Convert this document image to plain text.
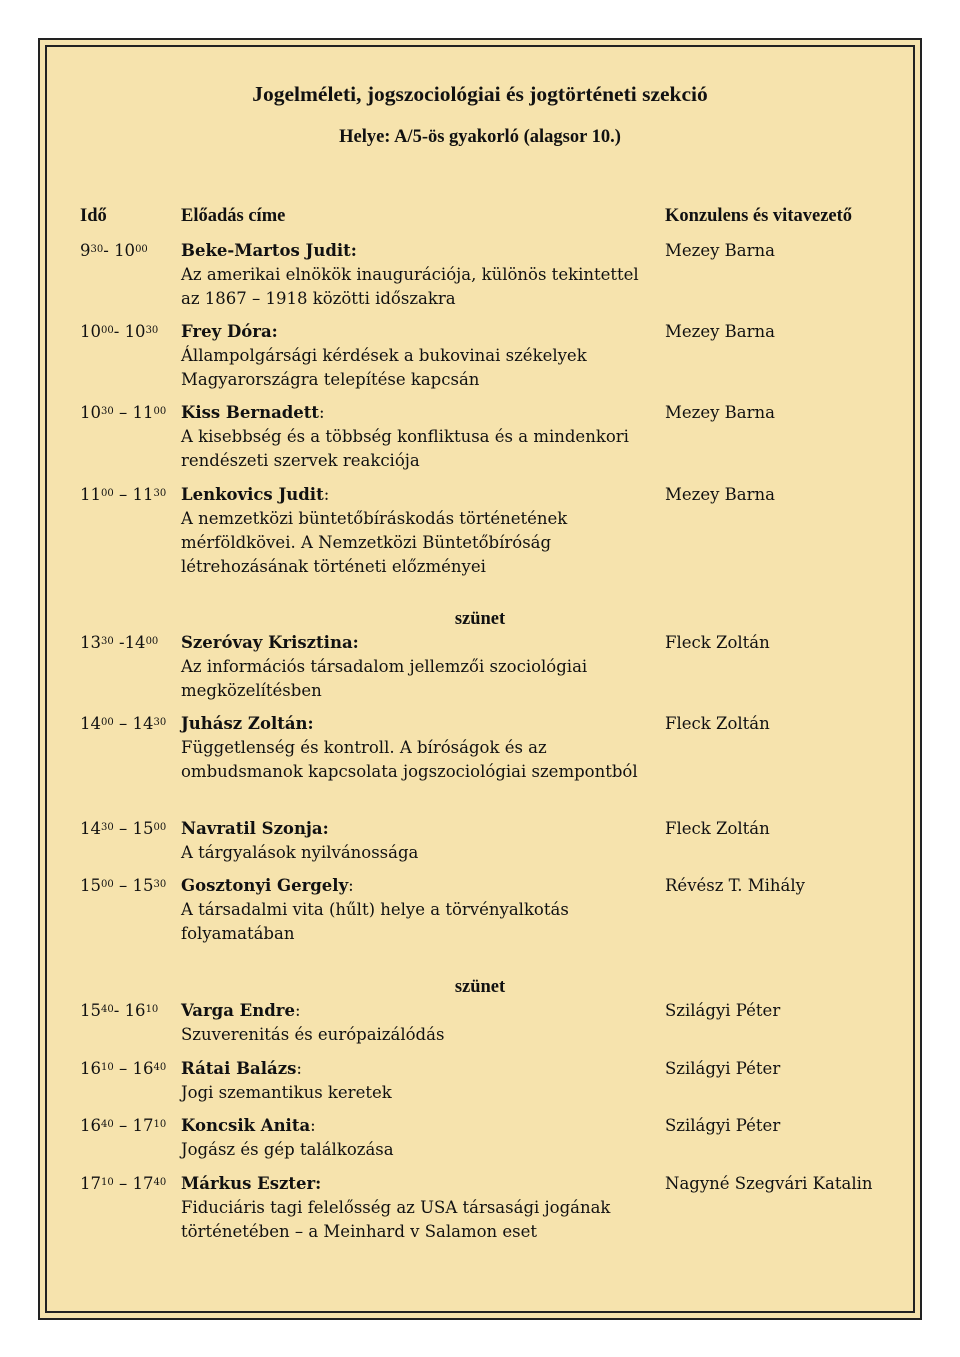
Jogelméleti, jogszociológiai és jogtörténeti szekció
Helye: A/5-ös gyakorló (alagsor 10.)
Idő	Előadás címe	Konzulens és vitavezető
$9^{30}-$ $10^{00}$ Beke-Martos Judit:
Az amerikai elnökök inaugurációja, különös tekintettel az 1867 – 1918 közötti időszakra
Mezey Barna
$10^{00}-$ $10^{30}$ Frey Dóra:
Állampolgársági kérdések a bukovinai székelyek Magyarországra telepítése kapcsán
Mezey Barna
$10^{30} - 11^{00}$ Kiss Bernadett:
A kisebbség és a többség konfliktusa és a mindenkori rendészeti szervek reakciója
Mezey Barna
$11^{00} - 11^{30}$ Lenkovics Judit:
A nemzetközi büntetőbíráskodás történetének mérföldkövei. A Nemzetközi Büntetőbíróság létrehozásának történeti előzményei
Mezey Barna
$13^{30}$ $-14^{00}$ Szeróvay Krisztina:
Az információs társadalom jellemzői szociológiai megközelítésben
Fleck Zoltán
$14^{00} - 14^{30}$ Juhász Zoltán:
Függetlenség és kontroll. A bíróságok és az ombudsmanok kapcsolata jogszociológiai szempontból
Fleck Zoltán
$14^{30} - 15^{00}$ Navratil Szonja:
A tárgyalások nyilvánossága
Fleck Zoltán
$15^{00} - 15^{30}$ Gosztonyi Gergely:
A társadalmi vita (hűlt) helye a törvényalkotás folyamatában
Révész T. Mihály
$15^{40}-$ $16^{10}$ Varga Endre:
Szuverenitás és európaizálódás
Szilágyi Péter
$16^{10} - 16^{40}$ Rátai Balázs:
Jogi szemantikus keretek
Szilágyi Péter
$16^{40} - 17^{10}$ Koncsik Anita:
Jogász és gép találkozása
Szilágyi Péter
$17^{10} - 17^{40}$ Márkus Eszter:
Fiduciáris tagi felelősség az USA társasági jogának történetében – a Meinhard v Salamon eset
Nagyné Szegvári Katalin
szünet
szünet
